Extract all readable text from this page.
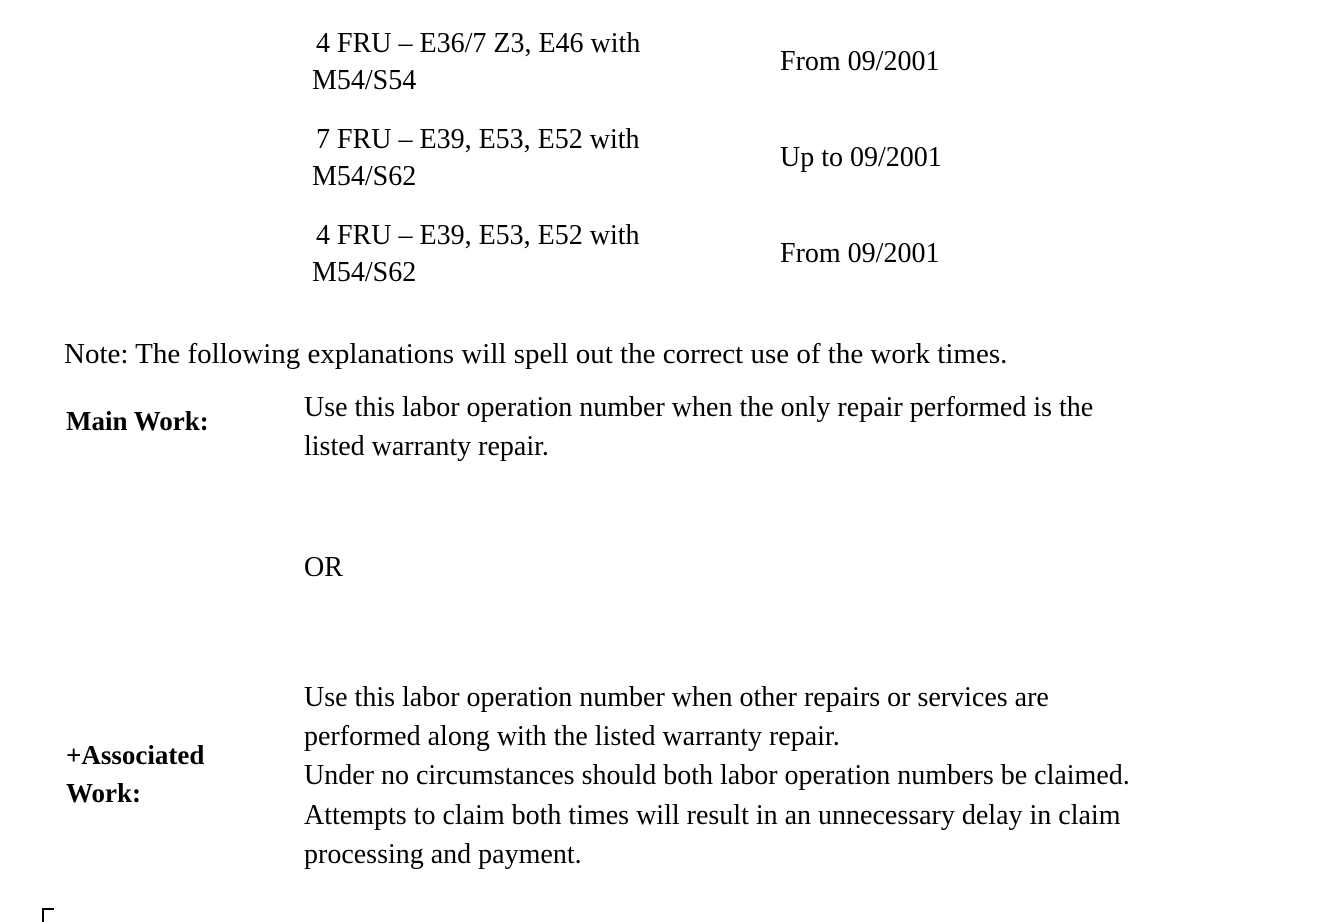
4 FRU – E36/7 Z3, E46 with
M54/S54
From 09/2001
7 FRU – E39, E53, E52 with
M54/S62
Up to 09/2001
4 FRU – E39, E53, E52 with
M54/S62
From 09/2001
Note: The following explanations will spell out the correct use of the work times.
Main Work:	Use this labor operation number when the only repair performed is the
listed warranty repair.
OR
+Associated
Work:
Use this labor operation number when other repairs or services are
performed along with the listed warranty repair.
Under no circumstances should both labor operation numbers be claimed.
Attempts to claim both times will result in an unnecessary delay in claim
processing and payment.
